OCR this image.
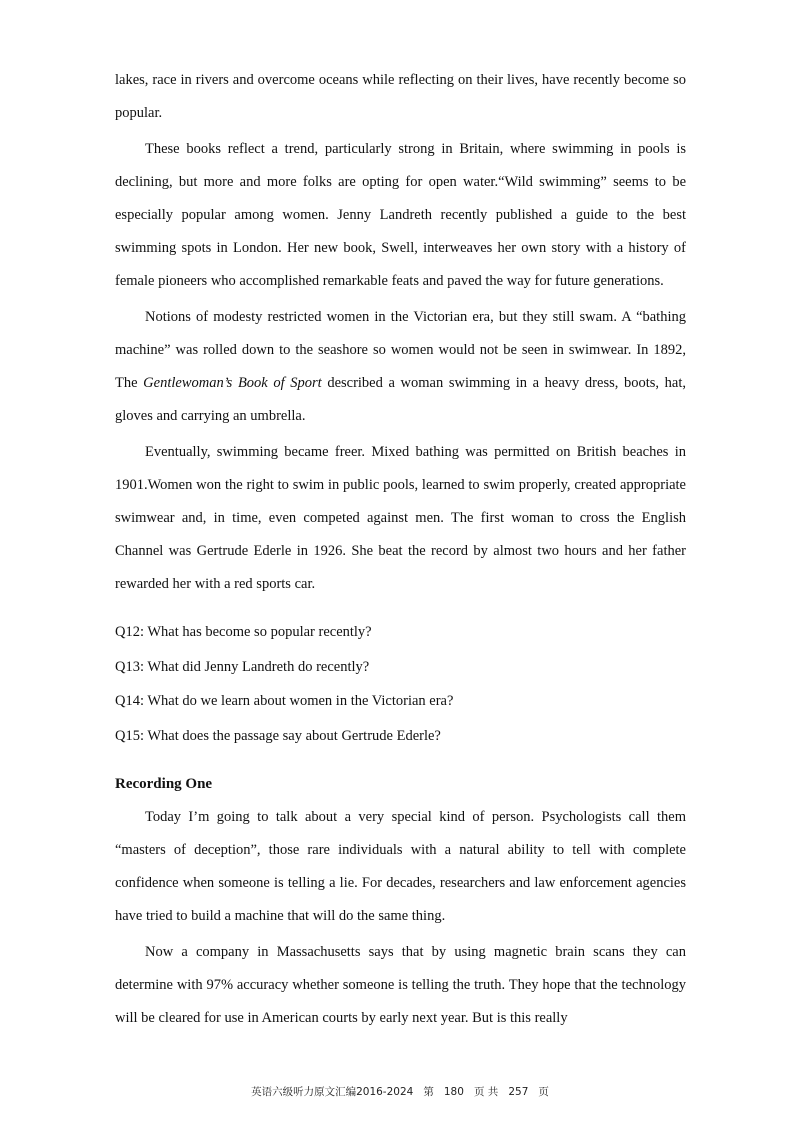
lakes, race in rivers and overcome oceans while reflecting on their lives, have recently become so popular.

These books reflect a trend, particularly strong in Britain, where swimming in pools is declining, but more and more folks are opting for open water.“Wild swimming” seems to be especially popular among women. Jenny Landreth recently published a guide to the best swimming spots in London. Her new book, Swell, interweaves her own story with a history of female pioneers who accomplished remarkable feats and paved the way for future generations.

Notions of modesty restricted women in the Victorian era, but they still swam. A “bathing machine” was rolled down to the seashore so women would not be seen in swimwear. In 1892, The Gentlewoman’s Book of Sport described a woman swimming in a heavy dress, boots, hat, gloves and carrying an umbrella.

Eventually, swimming became freer. Mixed bathing was permitted on British beaches in 1901.Women won the right to swim in public pools, learned to swim properly, created appropriate swimwear and, in time, even competed against men. The first woman to cross the English Channel was Gertrude Ederle in 1926. She beat the record by almost two hours and her father rewarded her with a red sports car.

Q12: What has become so popular recently?
Q13: What did Jenny Landreth do recently?
Q14: What do we learn about women in the Victorian era?
Q15: What does the passage say about Gertrude Ederle?
Recording One

Today I’m going to talk about a very special kind of person. Psychologists call them “masters of deception”, those rare individuals with a natural ability to tell with complete confidence when someone is telling a lie. For decades, researchers and law enforcement agencies have tried to build a machine that will do the same thing.

Now a company in Massachusetts says that by using magnetic brain scans they can determine with 97% accuracy whether someone is telling the truth. They hope that the technology will be cleared for use in American courts by early next year. But is this really

英语六级听力原文汇编2016-2024 第 180 页 共 257 页
